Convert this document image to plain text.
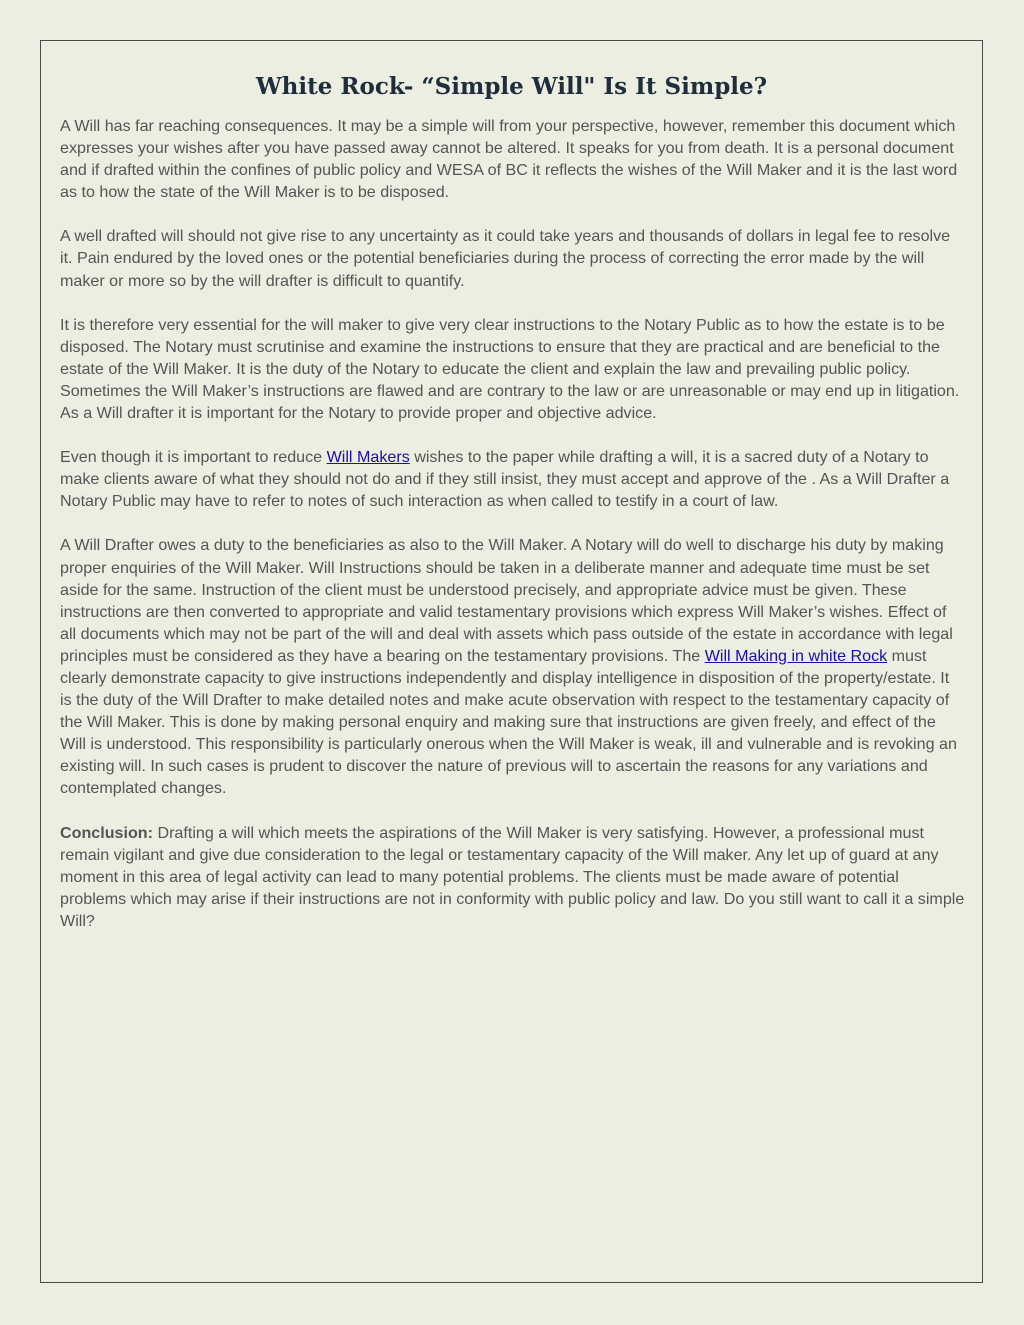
White Rock- “Simple Will" Is It Simple?

A Will has far reaching consequences. It may be a simple will from your perspective, however, remember this document which expresses your wishes after you have passed away cannot be altered. It speaks for you from death. It is a personal document and if drafted within the confines of public policy and WESA of BC it reflects the wishes of the Will Maker and it is the last word as to how the state of the Will Maker is to be disposed.

A well drafted will should not give rise to any uncertainty as it could take years and thousands of dollars in legal fee to resolve it. Pain endured by the loved ones or the potential beneficiaries during the process of correcting the error made by the will maker or more so by the will drafter is difficult to quantify.

It is therefore very essential for the will maker to give very clear instructions to the Notary Public as to how the estate is to be disposed. The Notary must scrutinise and examine the instructions to ensure that they are practical and are beneficial to the estate of the Will Maker. It is the duty of the Notary to educate the client and explain the law and prevailing public policy. Sometimes the Will Maker’s instructions are flawed and are contrary to the law or are unreasonable or may end up in litigation. As a Will drafter it is important for the Notary to provide proper and objective advice.

Even though it is important to reduce Will Makers wishes to the paper while drafting a will, it is a sacred duty of a Notary to make clients aware of what they should not do and if they still insist, they must accept and approve of the . As a Will Drafter a Notary Public may have to refer to notes of such interaction as when called to testify in a court of law.

A Will Drafter owes a duty to the beneficiaries as also to the Will Maker. A Notary will do well to discharge his duty by making proper enquiries of the Will Maker. Will Instructions should be taken in a deliberate manner and adequate time must be set aside for the same. Instruction of the client must be understood precisely, and appropriate advice must be given. These instructions are then converted to appropriate and valid testamentary provisions which express Will Maker’s wishes. Effect of all documents which may not be part of the will and deal with assets which pass outside of the estate in accordance with legal principles must be considered as they have a bearing on the testamentary provisions. The Will Making in white Rock must clearly demonstrate capacity to give instructions independently and display intelligence in disposition of the property/estate. It is the duty of the Will Drafter to make detailed notes and make acute observation with respect to the testamentary capacity of the Will Maker. This is done by making personal enquiry and making sure that instructions are given freely, and effect of the Will is understood. This responsibility is particularly onerous when the Will Maker is weak, ill and vulnerable and is revoking an existing will. In such cases is prudent to discover the nature of previous will to ascertain the reasons for any variations and contemplated changes.

Conclusion: Drafting a will which meets the aspirations of the Will Maker is very satisfying. However, a professional must remain vigilant and give due consideration to the legal or testamentary capacity of the Will maker. Any let up of guard at any moment in this area of legal activity can lead to many potential problems. The clients must be made aware of potential problems which may arise if their instructions are not in conformity with public policy and law. Do you still want to call it a simple Will?
